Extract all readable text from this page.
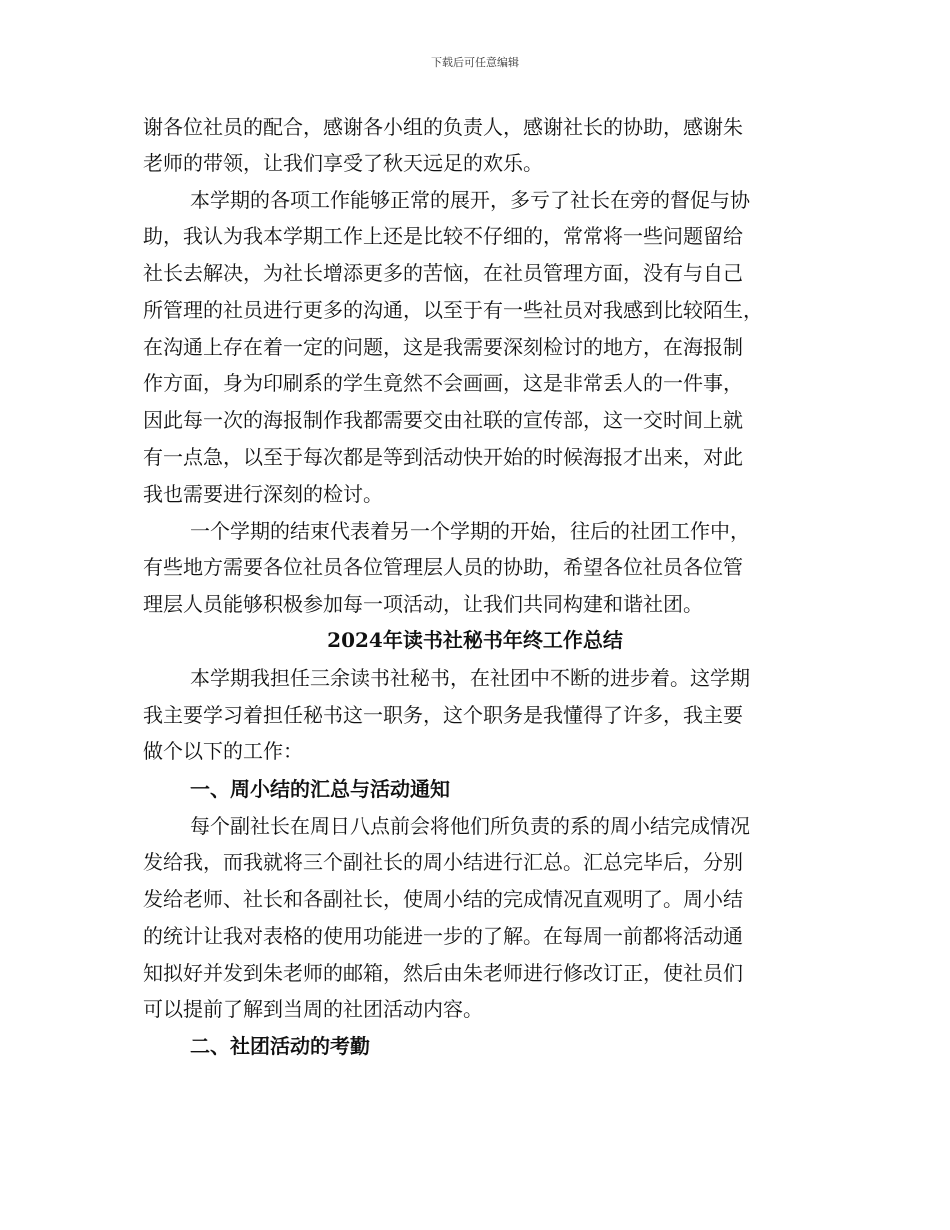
下载后可任意编辑
谢各位社员的配合，感谢各小组的负责人，感谢社长的协助，感谢朱
老师的带领，让我们享受了秋天远足的欢乐。
本学期的各项工作能够正常的展开，多亏了社长在旁的督促与协
助，我认为我本学期工作上还是比较不仔细的，常常将一些问题留给
社长去解决，为社长增添更多的苦恼，在社员管理方面，没有与自己
所管理的社员进行更多的沟通，以至于有一些社员对我感到比较陌生，
在沟通上存在着一定的问题，这是我需要深刻检讨的地方，在海报制
作方面，身为印刷系的学生竟然不会画画，这是非常丢人的一件事，
因此每一次的海报制作我都需要交由社联的宣传部，这一交时间上就
有一点急，以至于每次都是等到活动快开始的时候海报才出来，对此
我也需要进行深刻的检讨。
一个学期的结束代表着另一个学期的开始，往后的社团工作中，
有些地方需要各位社员各位管理层人员的协助，希望各位社员各位管
理层人员能够积极参加每一项活动，让我们共同构建和谐社团。
2024年读书社秘书年终工作总结
本学期我担任三余读书社秘书，在社团中不断的进步着。这学期
我主要学习着担任秘书这一职务，这个职务是我懂得了许多，我主要
做个以下的工作：
一、周小结的汇总与活动通知
每个副社长在周日八点前会将他们所负责的系的周小结完成情况
发给我，而我就将三个副社长的周小结进行汇总。汇总完毕后，分别
发给老师、社长和各副社长，使周小结的完成情况直观明了。周小结
的统计让我对表格的使用功能进一步的了解。在每周一前都将活动通
知拟好并发到朱老师的邮箱，然后由朱老师进行修改订正，使社员们
可以提前了解到当周的社团活动内容。
二、社团活动的考勤
